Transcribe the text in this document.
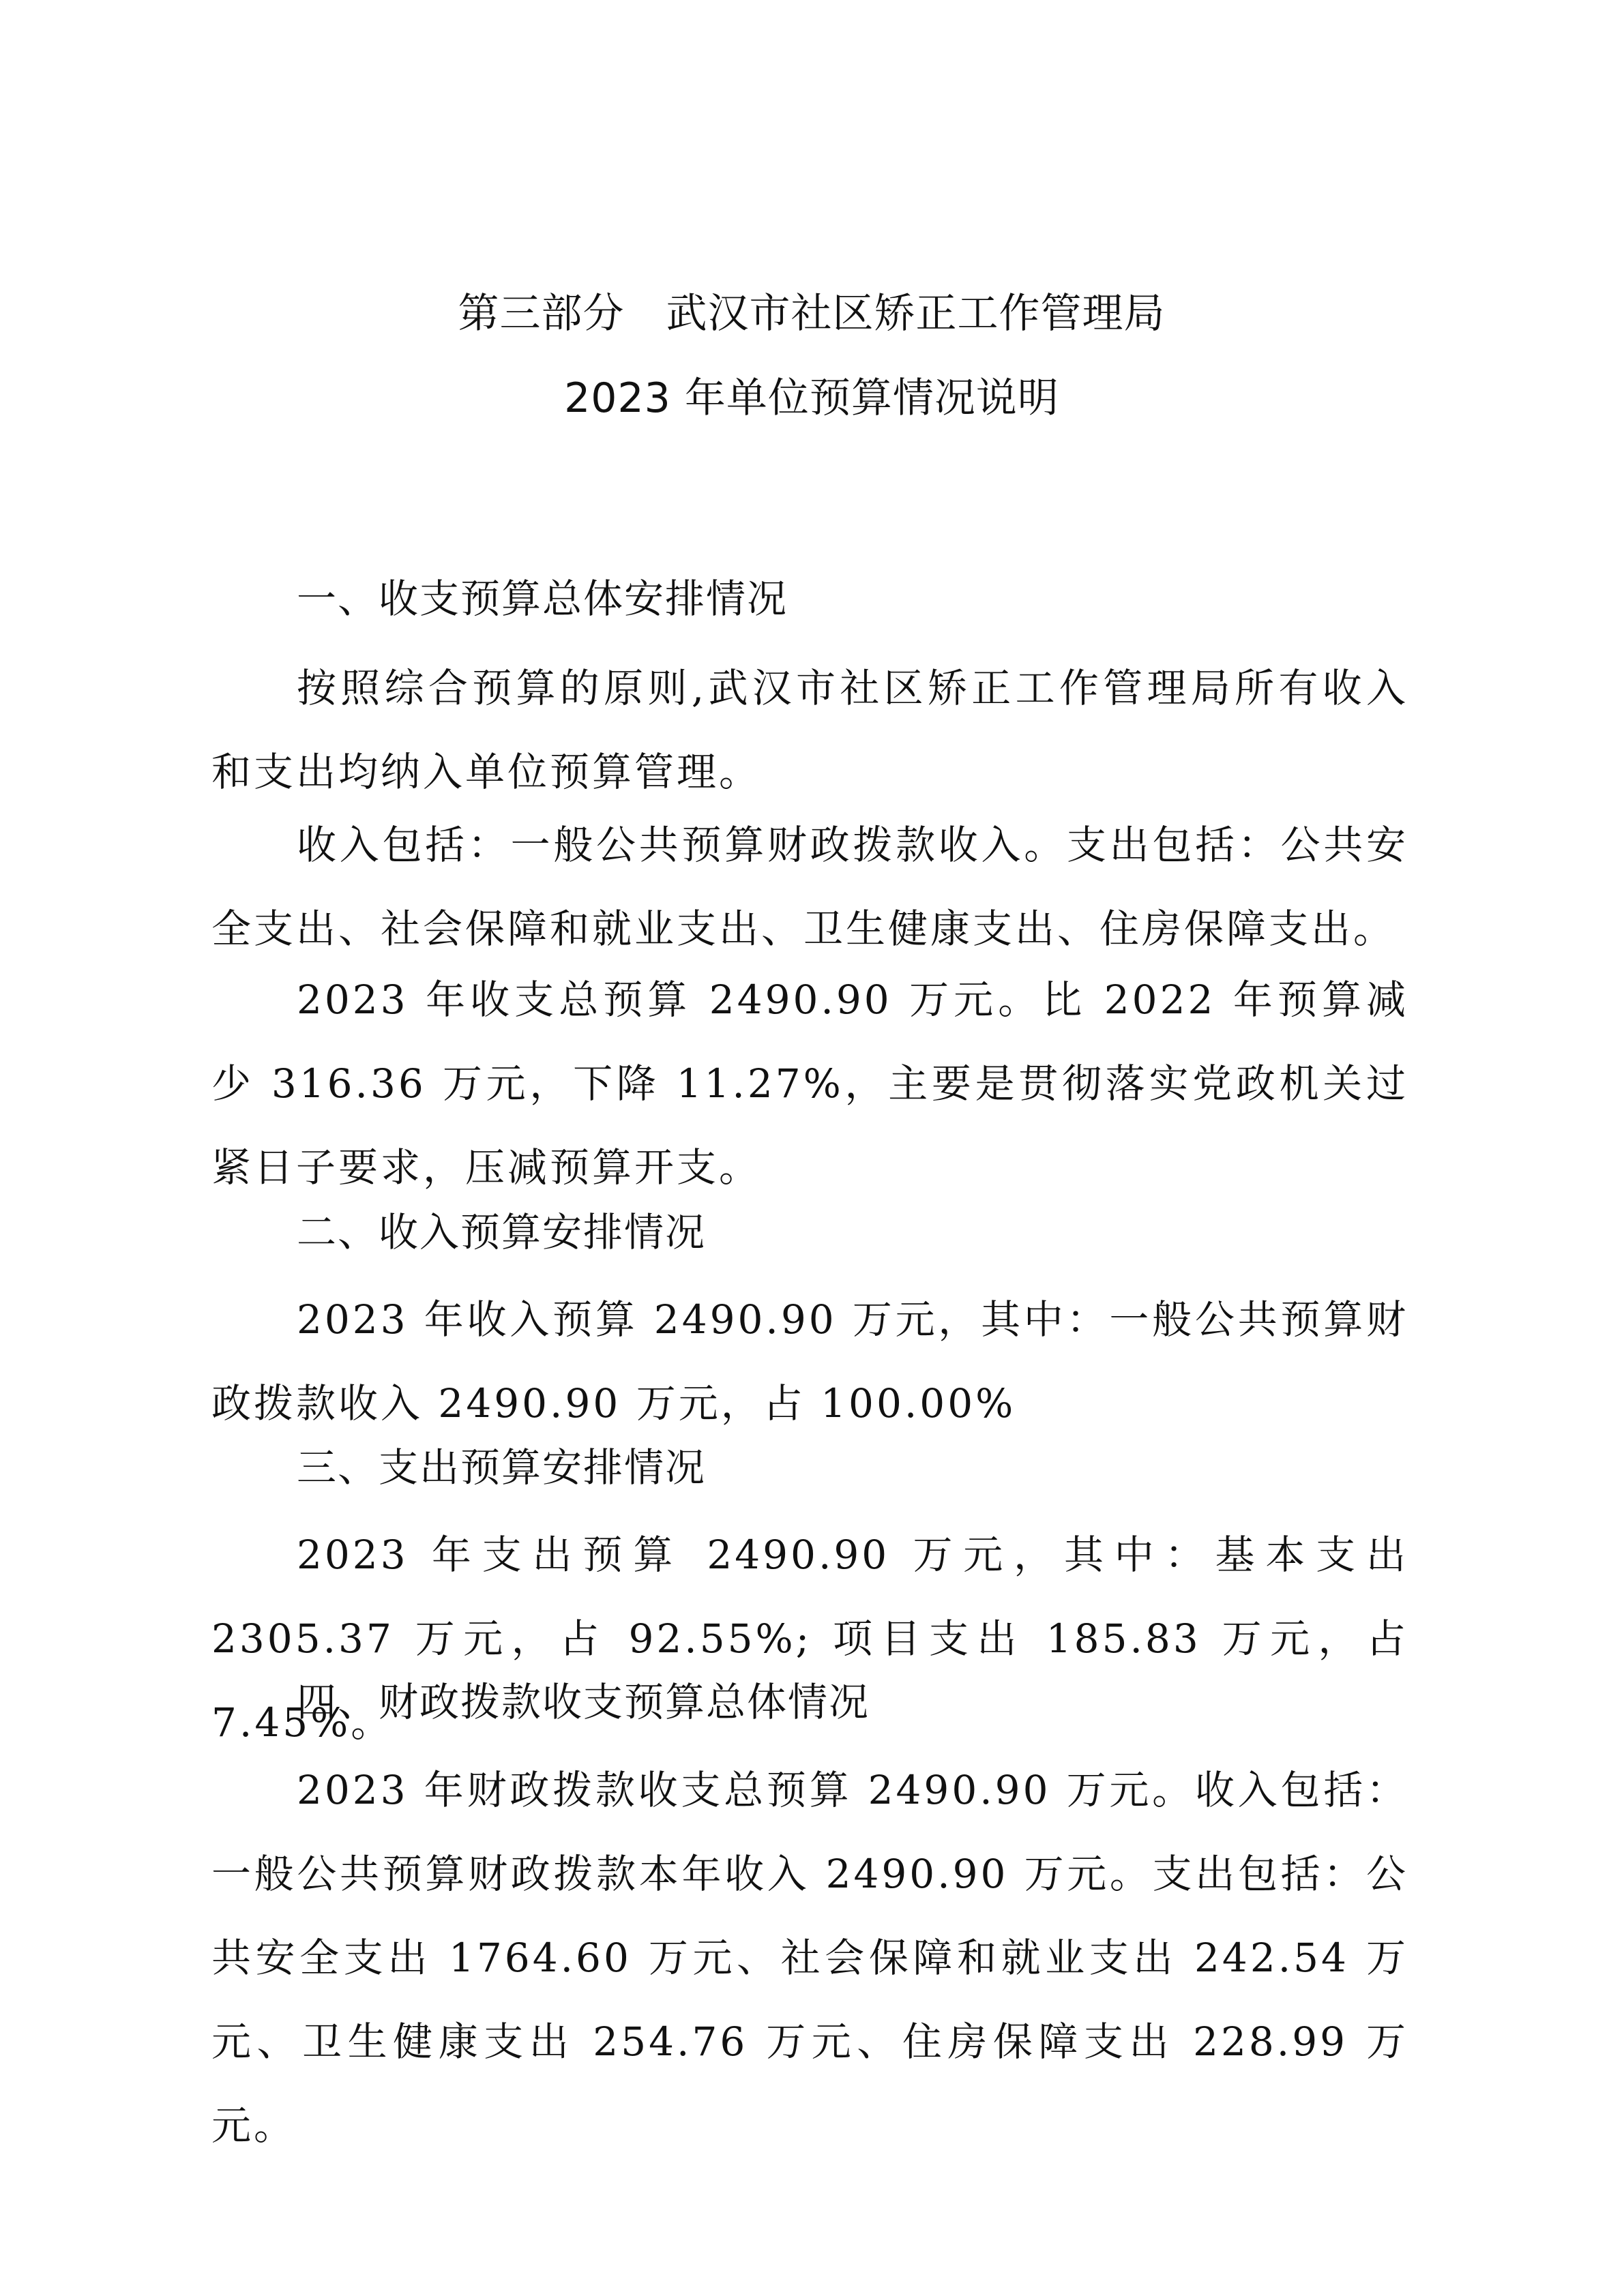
第三部分　武汉市社区矫正工作管理局
2023 年单位预算情况说明
一、收支预算总体安排情况
按照综合预算的原则,武汉市社区矫正工作管理局所有收入和支出均纳入单位预算管理。
收入包括：一般公共预算财政拨款收入。支出包括：公共安全支出、社会保障和就业支出、卫生健康支出、住房保障支出。
2023 年收支总预算 2490.90 万元。比 2022 年预算减少 316.36 万元，下降 11.27%，主要是贯彻落实党政机关过紧日子要求，压减预算开支。
二、收入预算安排情况
2023 年收入预算 2490.90 万元，其中：一般公共预算财政拨款收入 2490.90 万元，占 100.00%
三、支出预算安排情况
2023 年支出预算 2490.90 万元，其中：基本支出 2305.37 万元，占 92.55%; 项目支出 185.83 万元，占 7.45%。
四、财政拨款收支预算总体情况
2023 年财政拨款收支总预算 2490.90 万元。收入包括：一般公共预算财政拨款本年收入 2490.90 万元。支出包括：公共安全支出 1764.60 万元、社会保障和就业支出 242.54 万元、卫生健康支出 254.76 万元、住房保障支出 228.99 万元。
